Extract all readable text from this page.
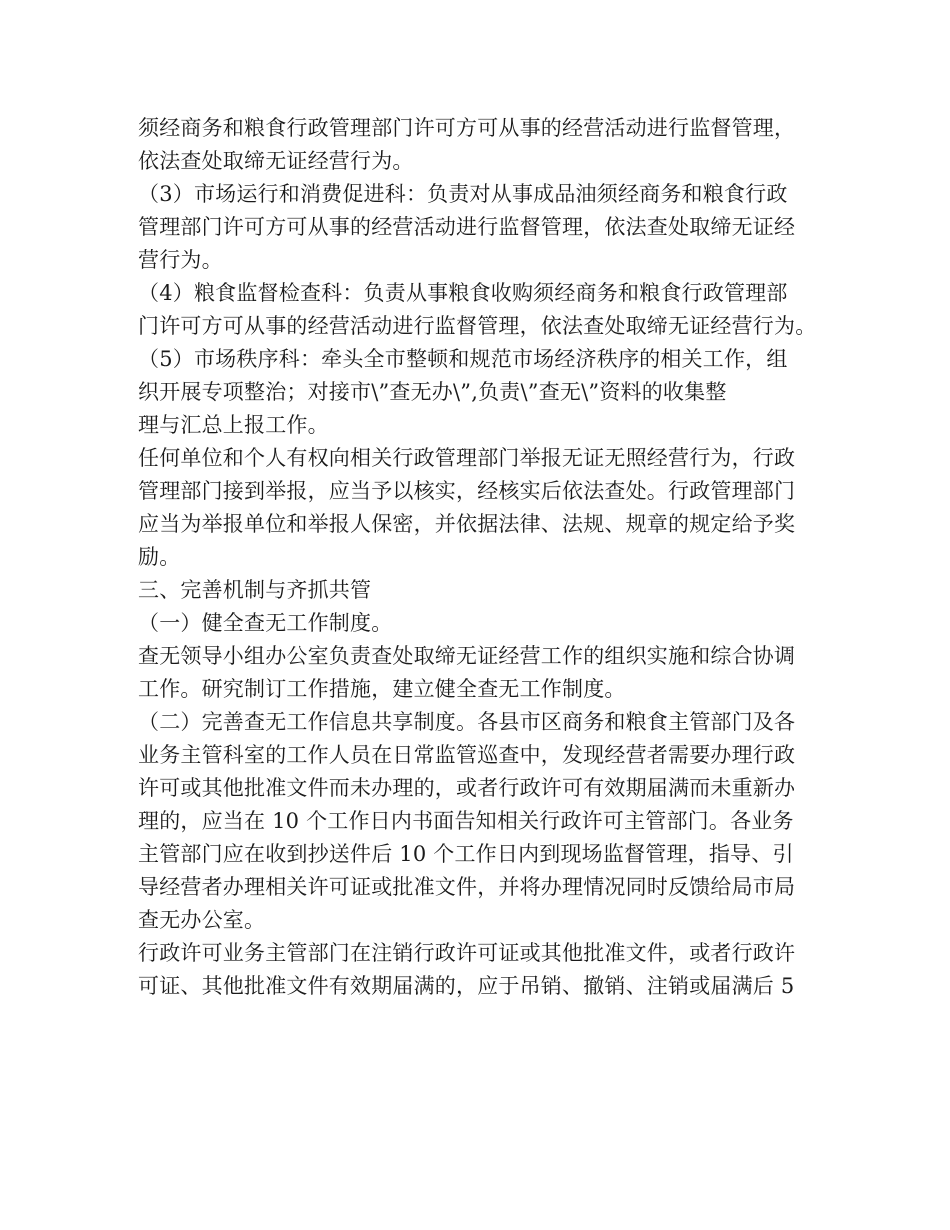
须经商务和粮食行政管理部门许可方可从事的经营活动进行监督管理，
依法查处取缔无证经营行为。
（3）市场运行和消费促进科：负责对从事成品油须经商务和粮食行政
管理部门许可方可从事的经营活动进行监督管理，依法查处取缔无证经
营行为。
（4）粮食监督检查科：负责从事粮食收购须经商务和粮食行政管理部
门许可方可从事的经营活动进行监督管理，依法查处取缔无证经营行为。
（5）市场秩序科：牵头全市整顿和规范市场经济秩序的相关工作，组
织开展专项整治；对接市\”查无办\”,负责\”查无\”资料的收集整
理与汇总上报工作。
任何单位和个人有权向相关行政管理部门举报无证无照经营行为，行政
管理部门接到举报，应当予以核实，经核实后依法查处。行政管理部门
应当为举报单位和举报人保密，并依据法律、法规、规章的规定给予奖
励。
三、完善机制与齐抓共管
（一）健全查无工作制度。
查无领导小组办公室负责查处取缔无证经营工作的组织实施和综合协调
工作。研究制订工作措施，建立健全查无工作制度。
（二）完善查无工作信息共享制度。各县市区商务和粮食主管部门及各
业务主管科室的工作人员在日常监管巡查中，发现经营者需要办理行政
许可或其他批准文件而未办理的，或者行政许可有效期届满而未重新办
理的，应当在 10 个工作日内书面告知相关行政许可主管部门。各业务
主管部门应在收到抄送件后 10 个工作日内到现场监督管理，指导、引
导经营者办理相关许可证或批准文件，并将办理情况同时反馈给局市局
查无办公室。
行政许可业务主管部门在注销行政许可证或其他批准文件，或者行政许
可证、其他批准文件有效期届满的，应于吊销、撤销、注销或届满后 5
